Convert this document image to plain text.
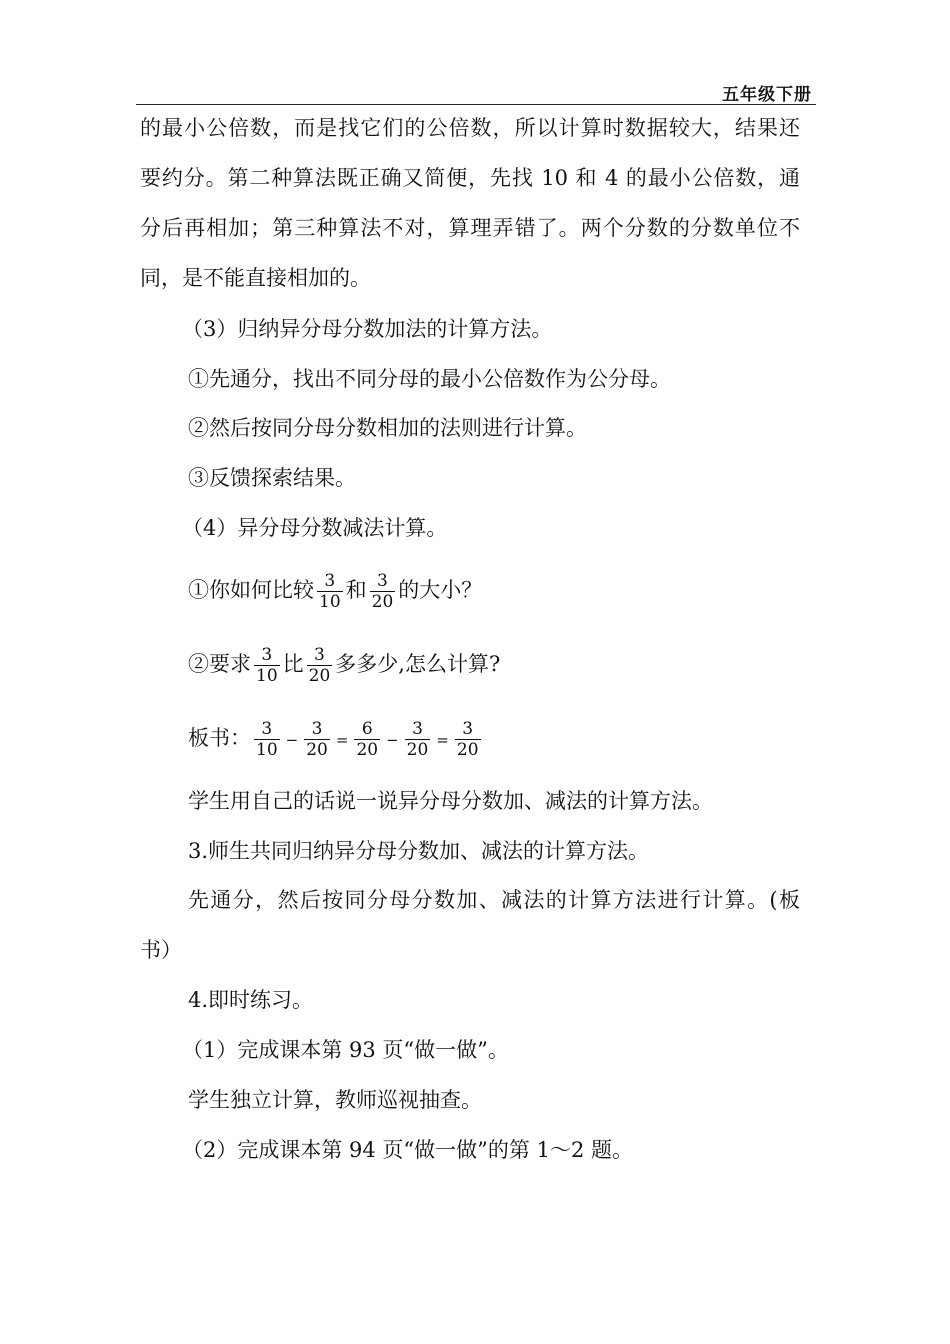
五年级下册
的最小公倍数，而是找它们的公倍数，所以计算时数据较大，结果还
要约分。第二种算法既正确又简便，先找 10 和 4 的最小公倍数，通
分后再相加；第三种算法不对，算理弄错了。两个分数的分数单位不
同，是不能直接相加的。
（3）归纳异分母分数加法的计算方法。
①先通分，找出不同分母的最小公倍数作为公分母。
②然后按同分母分数相加的法则进行计算。
③反馈探索结果。
（4）异分母分数减法计算。
①你如何比较 $\frac{3}{10}$ 和 $\frac{3}{20}$ 的大小？
②要求 $\frac{3}{10}$ 比 $\frac{3}{20}$ 多多少,怎么计算?
板书： $\frac{3}{10} - \frac{3}{20} = \frac{6}{20} - \frac{3}{20} = \frac{3}{20}$
学生用自己的话说一说异分母分数加、减法的计算方法。
3.师生共同归纳异分母分数加、减法的计算方法。
先通分，然后按同分母分数加、减法的计算方法进行计算。(板
书）
4.即时练习。
（1）完成课本第 93 页“做一做”。
学生独立计算，教师巡视抽查。
（2）完成课本第 94 页“做一做”的第 1～2 题。
